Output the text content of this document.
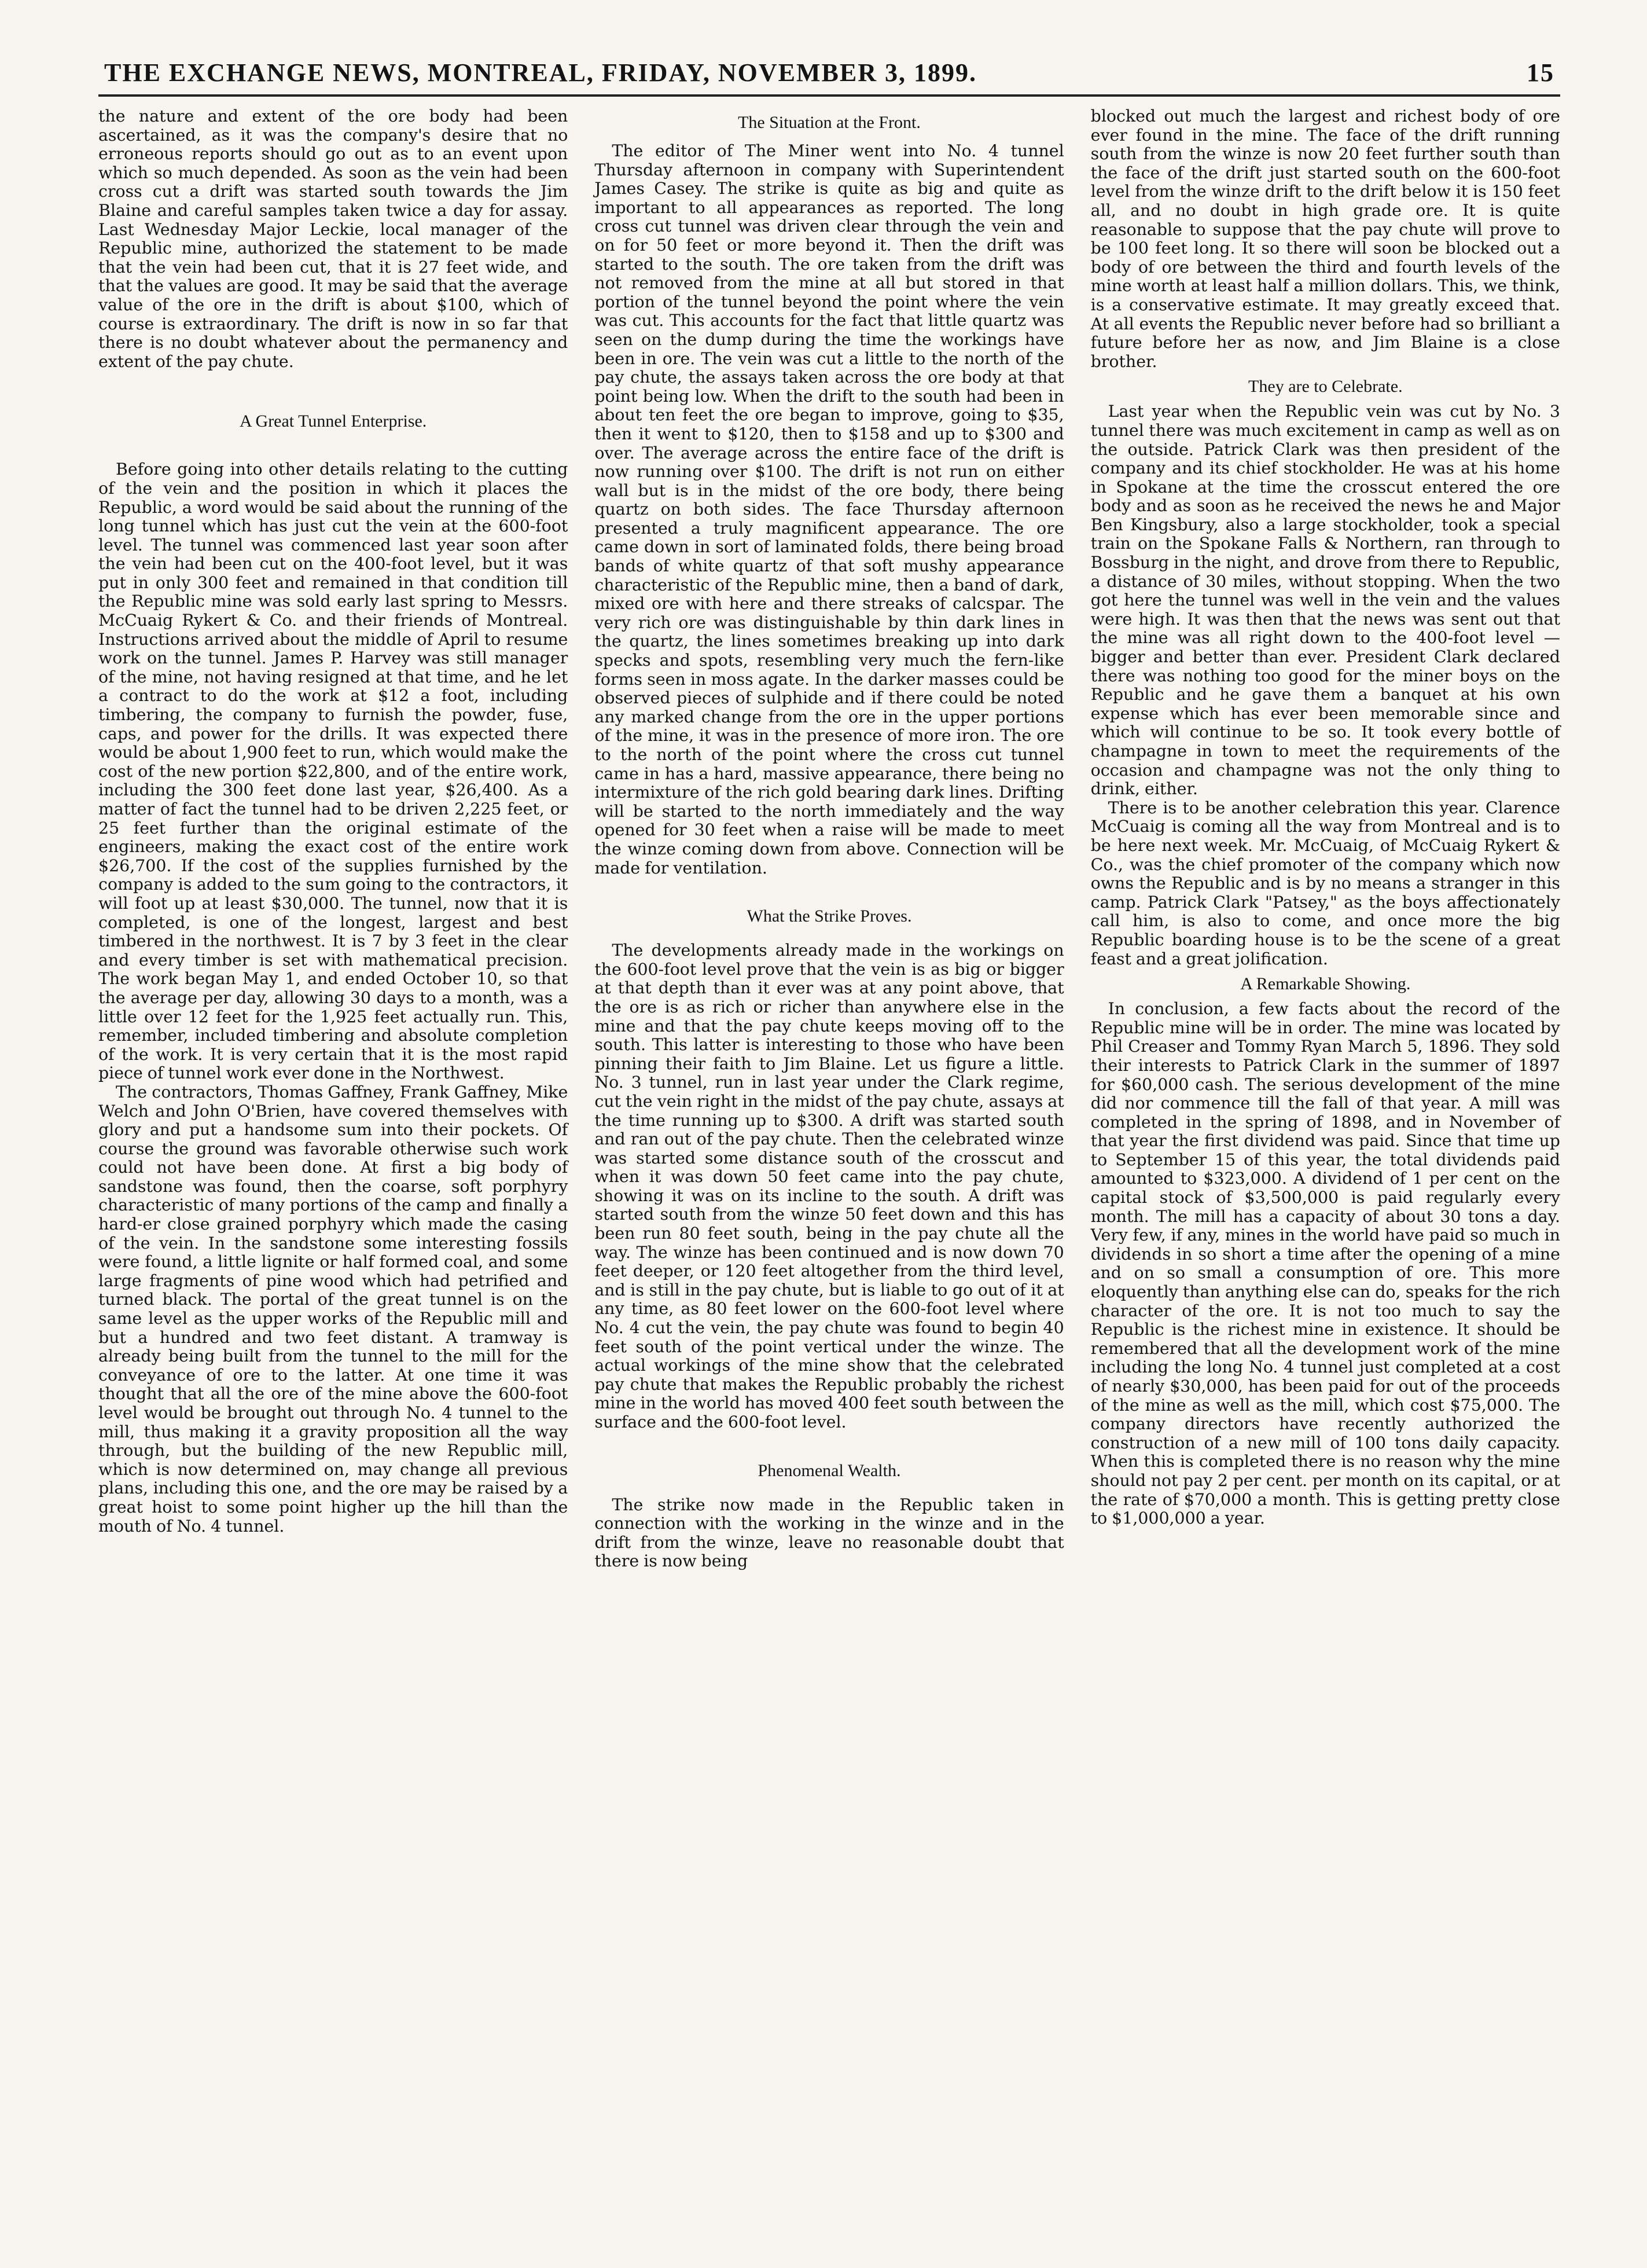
THE EXCHANGE NEWS, MONTREAL, FRIDAY, NOVEMBER 3, 1899.	15

the nature and extent of the ore body had been ascertained, as it was the company's desire that no erroneous reports should go out as to an event upon which so much depended. As soon as the vein had been cross cut a drift was started south towards the Jim Blaine and careful samples taken twice a day for assay. Last Wednesday Major Leckie, local manager of the Republic mine, authorized the statement to be made that the vein had been cut, that it is 27 feet wide, and that the values are good. It may be said that the average value of the ore in the drift is about $100, which of course is extraordinary. The drift is now in so far that there is no doubt whatever about the permanency and extent of the pay chute.

A Great Tunnel Enterprise.

Before going into other details relating to the cutting of the vein and the position in which it places the Republic, a word would be said about the running of the long tunnel which has just cut the vein at the 600-foot level. The tunnel was commenced last year soon after the vein had been cut on the 400-foot level, but it was put in only 300 feet and remained in that condition till the Republic mine was sold early last spring to Messrs. McCuaig Rykert & Co. and their friends of Montreal. Instructions arrived about the middle of April to resume work on the tunnel. James P. Harvey was still manager of the mine, not having resigned at that time, and he let a contract to do the work at $12 a foot, including timbering, the company to furnish the powder, fuse, caps, and power for the drills. It was expected there would be about 1,900 feet to run, which would make the cost of the new portion $22,800, and of the entire work, including the 300 feet done last year, $26,400. As a matter of fact the tunnel had to be driven 2,225 feet, or 25 feet further than the original estimate of the engineers, making the exact cost of the entire work $26,700. If the cost of the supplies furnished by the company is added to the sum going to the contractors, it will foot up at least $30,000. The tunnel, now that it is completed, is one of the longest, largest and best timbered in the northwest. It is 7 by 3 feet in the clear and every timber is set with mathematical precision. The work began May 1, and ended October 10, so that the average per day, allowing 30 days to a month, was a little over 12 feet for the 1,925 feet actually run. This, remember, included timbering and absolute completion of the work. It is very certain that it is the most rapid piece of tunnel work ever done in the Northwest.

The contractors, Thomas Gaffney, Frank Gaffney, Mike Welch and John O'Brien, have covered themselves with glory and put a handsome sum into their pockets. Of course the ground was favorable otherwise such work could not have been done. At first a big body of sandstone was found, then the coarse, soft porphyry characteristic of many portions of the camp and finally a hard-er close grained porphyry which made the casing of the vein. In the sandstone some interesting fossils were found, a little lignite or half formed coal, and some large fragments of pine wood which had petrified and turned black. The portal of the great tunnel is on the same level as the upper works of the Republic mill and but a hundred and two feet distant. A tramway is already being built from the tunnel to the mill for the conveyance of ore to the latter. At one time it was thought that all the ore of the mine above the 600-foot level would be brought out through No. 4 tunnel to the mill, thus making it a gravity proposition all the way through, but the building of the new Republic mill, which is now determined on, may change all previous plans, including this one, and the ore may be raised by a great hoist to some point higher up the hill than the mouth of No. 4 tunnel.

The Situation at the Front.

The editor of The Miner went into No. 4 tunnel Thursday afternoon in company with Superintendent James Casey. The strike is quite as big and quite as important to all appearances as reported. The long cross cut tunnel was driven clear through the vein and on for 50 feet or more beyond it. Then the drift was started to the south. The ore taken from the drift was not removed from the mine at all but stored in that portion of the tunnel beyond the point where the vein was cut. This accounts for the fact that little quartz was seen on the dump during the time the workings have been in ore. The vein was cut a little to the north of the pay chute, the assays taken across the ore body at that point being low. When the drift to the south had been in about ten feet the ore began to improve, going to $35, then it went to $120, then to $158 and up to $300 and over. The average across the entire face of the drift is now running over $100. The drift is not run on either wall but is in the midst of the ore body, there being quartz on both sides. The face Thursday afternoon presented a truly magnificent appearance. The ore came down in sort of laminated folds, there being broad bands of white quartz of that soft mushy appearance characteristic of the Republic mine, then a band of dark, mixed ore with here and there streaks of calcspar. The very rich ore was distinguishable by thin dark lines in the quartz, the lines sometimes breaking up into dark specks and spots, resembling very much the fern-like forms seen in moss agate. In the darker masses could be observed pieces of sulphide and if there could be noted any marked change from the ore in the upper portions of the mine, it was in the presence of more iron. The ore to the north of the point where the cross cut tunnel came in has a hard, massive appearance, there being no intermixture of the rich gold bearing dark lines. Drifting will be started to the north immediately and the way opened for 30 feet when a raise will be made to meet the winze coming down from above. Connection will be made for ventilation.

What the Strike Proves.

The developments already made in the workings on the 600-foot level prove that the vein is as big or bigger at that depth than it ever was at any point above, that the ore is as rich or richer than anywhere else in the mine and that the pay chute keeps moving off to the south. This latter is interesting to those who have been pinning their faith to Jim Blaine. Let us figure a little. No. 3 tunnel, run in last year under the Clark regime, cut the vein right in the midst of the pay chute, assays at the time running up to $300. A drift was started south and ran out of the pay chute. Then the celebrated winze was started some distance south of the crosscut and when it was down 50 feet came into the pay chute, showing it was on its incline to the south. A drift was started south from the winze 50 feet down and this has been run 80 feet south, being in the pay chute all the way. The winze has been continued and is now down 70 feet deeper, or 120 feet altogether from the third level, and is still in the pay chute, but is liable to go out of it at any time, as 80 feet lower on the 600-foot level where No. 4 cut the vein, the pay chute was found to begin 40 feet south of the point vertical under the winze. The actual workings of the mine show that the celebrated pay chute that makes the Republic probably the richest mine in the world has moved 400 feet south between the surface and the 600-foot level.

Phenomenal Wealth.

The strike now made in the Republic taken in connection with the working in the winze and in the drift from the winze, leave no reasonable doubt that there is now being

blocked out much the largest and richest body of ore ever found in the mine. The face of the drift running south from the winze is now 20 feet further south than the face of the drift just started south on the 600-foot level from the winze drift to the drift below it is 150 feet all, and no doubt in high grade ore. It is quite reasonable to suppose that the pay chute will prove to be 100 feet long. It so there will soon be blocked out a body of ore between the third and fourth levels of the mine worth at least half a million dollars. This, we think, is a conservative estimate. It may greatly exceed that. At all events the Republic never before had so brilliant a future before her as now, and Jim Blaine is a close brother.

They are to Celebrate.

Last year when the Republic vein was cut by No. 3 tunnel there was much excitement in camp as well as on the outside. Patrick Clark was then president of the company and its chief stockholder. He was at his home in Spokane at the time the crosscut entered the ore body and as soon as he received the news he and Major Ben Kingsbury, also a large stockholder, took a special train on the Spokane Falls & Northern, ran through to Bossburg in the night, and drove from there to Republic, a distance of 30 miles, without stopping. When the two got here the tunnel was well in the vein and the values were high. It was then that the news was sent out that the mine was all right down to the 400-foot level — bigger and better than ever. President Clark declared there was nothing too good for the miner boys on the Republic and he gave them a banquet at his own expense which has ever been memorable since and which will continue to be so. It took every bottle of champagne in town to meet the requirements of the occasion and champagne was not the only thing to drink, either.

There is to be another celebration this year. Clarence McCuaig is coming all the way from Montreal and is to be here next week. Mr. McCuaig, of McCuaig Rykert & Co., was the chief promoter of the company which now owns the Republic and is by no means a stranger in this camp. Patrick Clark "Patsey," as the boys affectionately call him, is also to come, and once more the big Republic boarding house is to be the scene of a great feast and a great jolification.

A Remarkable Showing.

In conclusion, a few facts about the record of the Republic mine will be in order. The mine was located by Phil Creaser and Tommy Ryan March 5, 1896. They sold their interests to Patrick Clark in the summer of 1897 for $60,000 cash. The serious development of the mine did nor commence till the fall of that year. A mill was completed in the spring of 1898, and in November of that year the first dividend was paid. Since that time up to September 15 of this year, the total dividends paid amounted to $323,000. A dividend of 1 per cent on the capital stock of $3,500,000 is paid regularly every month. The mill has a capacity of about 30 tons a day. Very few, if any, mines in the world have paid so much in dividends in so short a time after the opening of a mine and on so small a consumption of ore. This more eloquently than anything else can do, speaks for the rich character of the ore. It is not too much to say the Republic is the richest mine in existence. It should be remembered that all the development work of the mine including the long No. 4 tunnel just completed at a cost of nearly $30,000, has been paid for out of the proceeds of the mine as well as the mill, which cost $75,000. The company directors have recently authorized the construction of a new mill of 100 tons daily capacity. When this is completed there is no reason why the mine should not pay 2 per cent. per month on its capital, or at the rate of $70,000 a month. This is getting pretty close to $1,000,000 a year.
